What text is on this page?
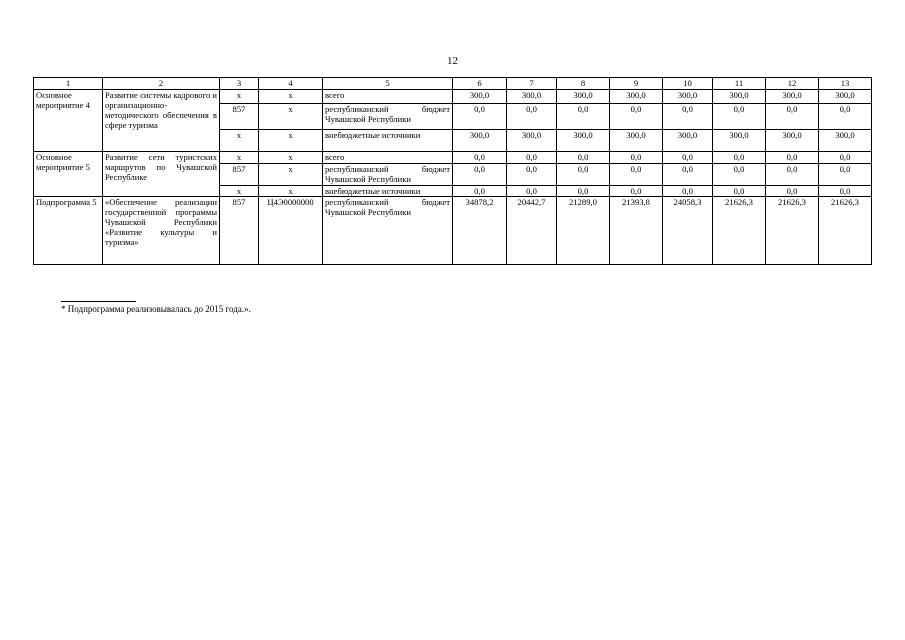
12
1	2	3	4	5	6	7	8	9	10	11	12	13
Основное мероприятие 4	Развитие системы кадрового и организационно-методического обеспечения в сфере туризма	x	x	всего	300,0	300,0	300,0	300,0	300,0	300,0	300,0	300,0
		857	x	республиканский бюджет Чувашской Республики	0,0	0,0	0,0	0,0	0,0	0,0	0,0	0,0
		x	x	внебюджетные источники	300,0	300,0	300,0	300,0	300,0	300,0	300,0	300,0
Основное мероприятие 5	Развитие сети туристских маршрутов по Чувашской Республике	x	x	всего	0,0	0,0	0,0	0,0	0,0	0,0	0,0	0,0
		857	x	республиканский бюджет Чувашской Республики	0,0	0,0	0,0	0,0	0,0	0,0	0,0	0,0
		x	x	внебюджетные источники	0,0	0,0	0,0	0,0	0,0	0,0	0,0	0,0
Подпрограмма 5	«Обеспечение реализации государственной программы Чувашской Республики «Развитие культуры и туризма»	857	Ц4Э0000000	республиканский бюджет Чувашской Республики	34878,2	20442,7	21289,0	21393,8	24058,3	21626,3	21626,3	21626,3
* Подпрограмма реализовывалась до 2015 года.».
